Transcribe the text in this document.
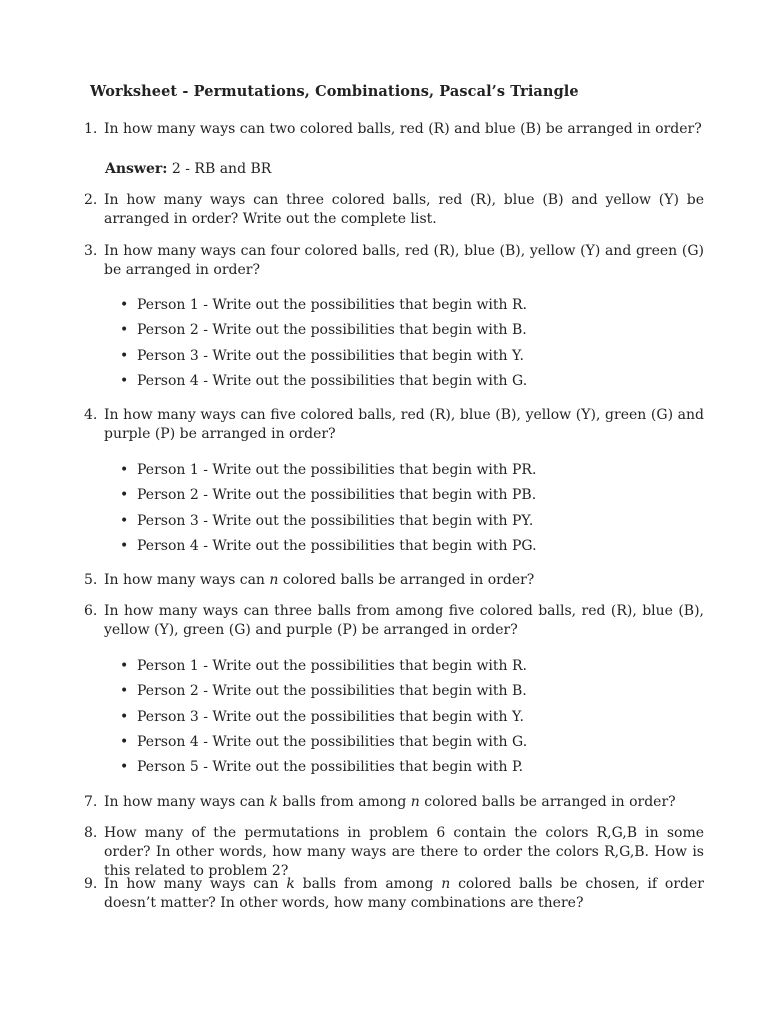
Worksheet - Permutations, Combinations, Pascal’s Triangle
1. In how many ways can two colored balls, red (R) and blue (B) be arranged in order?
Answer: 2 - RB and BR
2. In how many ways can three colored balls, red (R), blue (B) and yellow (Y) be arranged in order? Write out the complete list.
3. In how many ways can four colored balls, red (R), blue (B), yellow (Y) and green (G) be arranged in order?
• Person 1 - Write out the possibilities that begin with R.
• Person 2 - Write out the possibilities that begin with B.
• Person 3 - Write out the possibilities that begin with Y.
• Person 4 - Write out the possibilities that begin with G.
4. In how many ways can five colored balls, red (R), blue (B), yellow (Y), green (G) and purple (P) be arranged in order?
• Person 1 - Write out the possibilities that begin with PR.
• Person 2 - Write out the possibilities that begin with PB.
• Person 3 - Write out the possibilities that begin with PY.
• Person 4 - Write out the possibilities that begin with PG.
5. In how many ways can n colored balls be arranged in order?
6. In how many ways can three balls from among five colored balls, red (R), blue (B), yellow (Y), green (G) and purple (P) be arranged in order?
• Person 1 - Write out the possibilities that begin with R.
• Person 2 - Write out the possibilities that begin with B.
• Person 3 - Write out the possibilities that begin with Y.
• Person 4 - Write out the possibilities that begin with G.
• Person 5 - Write out the possibilities that begin with P.
7. In how many ways can k balls from among n colored balls be arranged in order?
8. How many of the permutations in problem 6 contain the colors R,G,B in some order? In other words, how many ways are there to order the colors R,G,B. How is this related to problem 2?
9. In how many ways can k balls from among n colored balls be chosen, if order doesn’t matter? In other words, how many combinations are there?
